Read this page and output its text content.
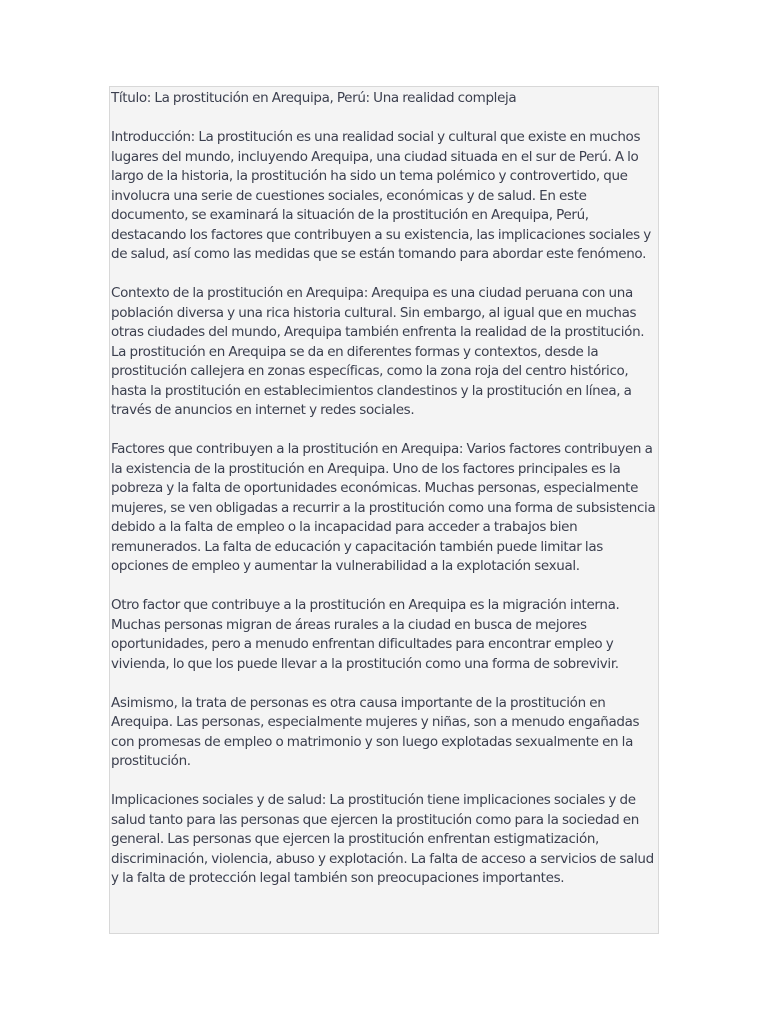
Título: La prostitución en Arequipa, Perú: Una realidad compleja

Introducción: La prostitución es una realidad social y cultural que existe en muchos lugares del mundo, incluyendo Arequipa, una ciudad situada en el sur de Perú. A lo largo de la historia, la prostitución ha sido un tema polémico y controvertido, que involucra una serie de cuestiones sociales, económicas y de salud. En este documento, se examinará la situación de la prostitución en Arequipa, Perú, destacando los factores que contribuyen a su existencia, las implicaciones sociales y de salud, así como las medidas que se están tomando para abordar este fenómeno.

Contexto de la prostitución en Arequipa: Arequipa es una ciudad peruana con una población diversa y una rica historia cultural. Sin embargo, al igual que en muchas otras ciudades del mundo, Arequipa también enfrenta la realidad de la prostitución. La prostitución en Arequipa se da en diferentes formas y contextos, desde la prostitución callejera en zonas específicas, como la zona roja del centro histórico, hasta la prostitución en establecimientos clandestinos y la prostitución en línea, a través de anuncios en internet y redes sociales.

Factores que contribuyen a la prostitución en Arequipa: Varios factores contribuyen a la existencia de la prostitución en Arequipa. Uno de los factores principales es la pobreza y la falta de oportunidades económicas. Muchas personas, especialmente mujeres, se ven obligadas a recurrir a la prostitución como una forma de subsistencia debido a la falta de empleo o la incapacidad para acceder a trabajos bien remunerados. La falta de educación y capacitación también puede limitar las opciones de empleo y aumentar la vulnerabilidad a la explotación sexual.

Otro factor que contribuye a la prostitución en Arequipa es la migración interna. Muchas personas migran de áreas rurales a la ciudad en busca de mejores oportunidades, pero a menudo enfrentan dificultades para encontrar empleo y vivienda, lo que los puede llevar a la prostitución como una forma de sobrevivir.

Asimismo, la trata de personas es otra causa importante de la prostitución en Arequipa. Las personas, especialmente mujeres y niñas, son a menudo engañadas con promesas de empleo o matrimonio y son luego explotadas sexualmente en la prostitución.

Implicaciones sociales y de salud: La prostitución tiene implicaciones sociales y de salud tanto para las personas que ejercen la prostitución como para la sociedad en general. Las personas que ejercen la prostitución enfrentan estigmatización, discriminación, violencia, abuso y explotación. La falta de acceso a servicios de salud y la falta de protección legal también son preocupaciones importantes.
